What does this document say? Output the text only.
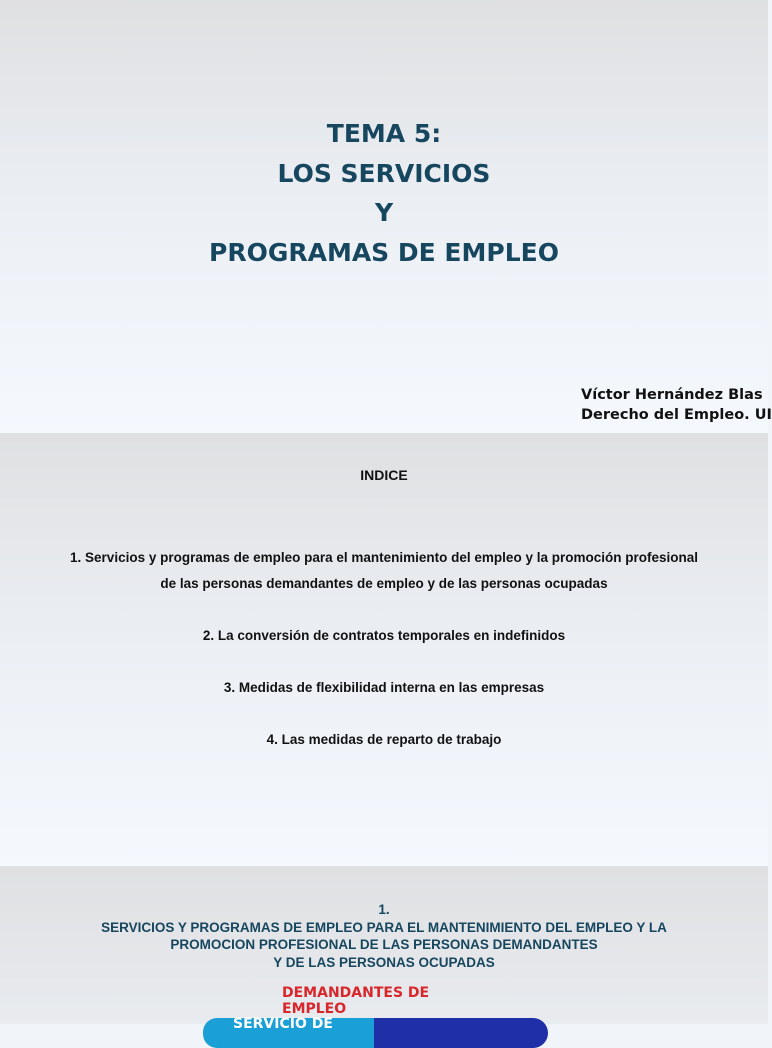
TEMA 5:
LOS SERVICIOS
Y
PROGRAMAS DE EMPLEO
Víctor Hernández Blas
Derecho del Empleo. UI
INDICE
1. Servicios y programas de empleo para el mantenimiento del empleo y la promoción profesional
de las personas demandantes de empleo y de las personas ocupadas
2. La conversión de contratos temporales en indefinidos
3. Medidas de flexibilidad interna en las empresas
4. Las medidas de reparto de trabajo
1.
SERVICIOS Y PROGRAMAS DE EMPLEO PARA EL MANTENIMIENTO DEL EMPLEO Y LA
PROMOCION PROFESIONAL DE LAS PERSONAS DEMANDANTES
Y DE LAS PERSONAS OCUPADAS
DEMANDANTES DE EMPLEO
SERVICIO DE
